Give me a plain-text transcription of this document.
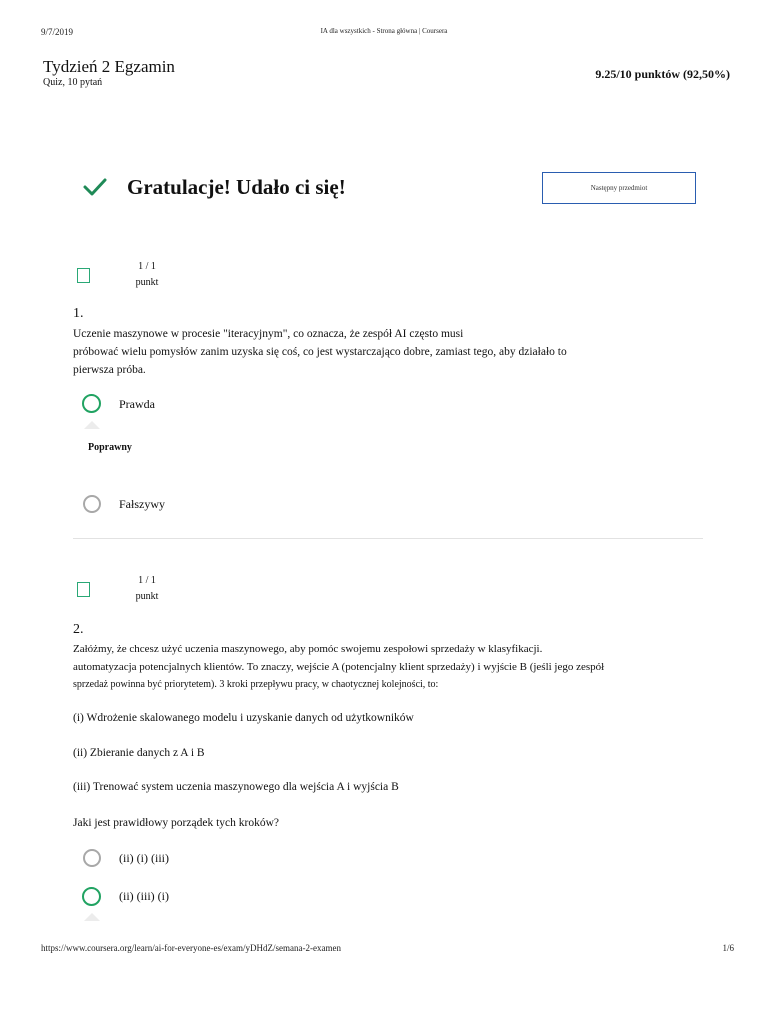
9/7/2019	IA dla wszystkich - Strona główna | Coursera
Tydzień 2 Egzamin
Quiz, 10 pytań
9.25/10 punktów (92,50%)
Gratulacje! Udało ci się!	Następny przedmiot
1 / 1
punkt
1.
Uczenie maszynowe w procesie "iteracyjnym", co oznacza, że zespół AI często musi
próbować wielu pomysłów zanim uzyska się coś, co jest wystarczająco dobre, zamiast tego, aby działało to
pierwsza próba.
Prawda
Poprawny
Fałszywy
1 / 1
punkt
2.
Załóżmy, że chcesz użyć uczenia maszynowego, aby pomóc swojemu zespołowi sprzedaży w klasyfikacji.
automatyzacja potencjalnych klientów. To znaczy, wejście A (potencjalny klient sprzedaży) i wyjście B (jeśli jego zespół
sprzedaż powinna być priorytetem). 3 kroki przepływu pracy, w chaotycznej kolejności, to:
(i) Wdrożenie skalowanego modelu i uzyskanie danych od użytkowników
(ii) Zbieranie danych z A i B
(iii) Trenować system uczenia maszynowego dla wejścia A i wyjścia B
Jaki jest prawidłowy porządek tych kroków?
(ii) (i) (iii)
(ii) (iii) (i)
https://www.coursera.org/learn/ai-for-everyone-es/exam/yDHdZ/semana-2-examen	1/6
